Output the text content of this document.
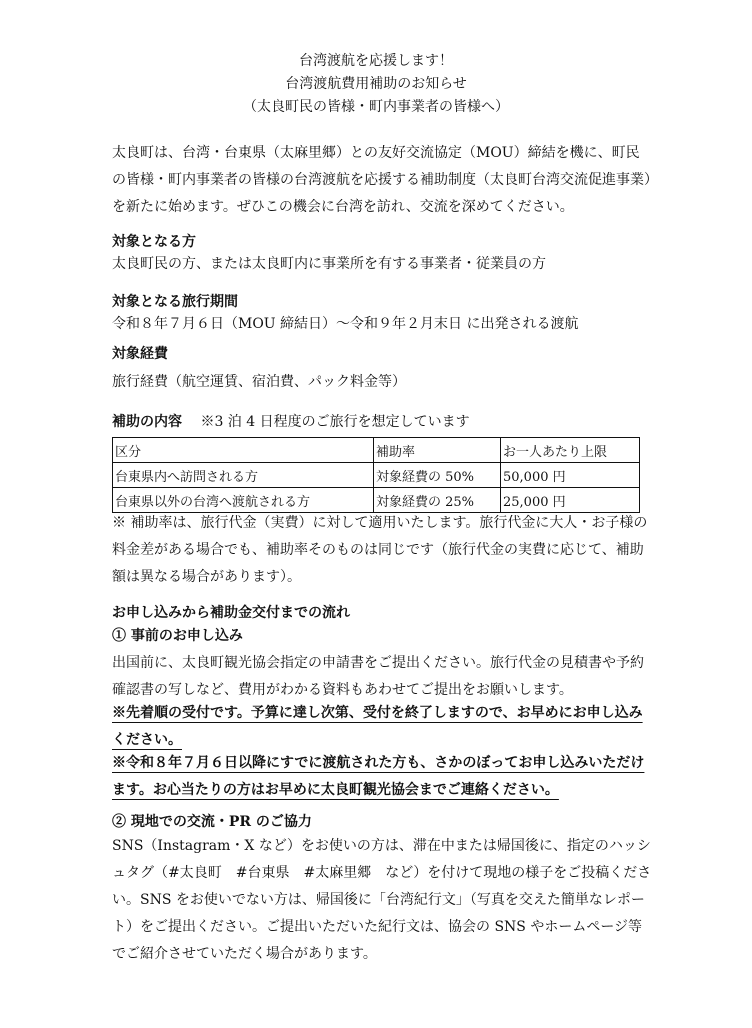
台湾渡航を応援します！
台湾渡航費用補助のお知らせ
（太良町民の皆様・町内事業者の皆様へ）

太良町は、台湾・台東県（太麻里郷）との友好交流協定（MOU）締結を機に、町民の皆様・町内事業者の皆様の台湾渡航を応援する補助制度（太良町台湾交流促進事業）を新たに始めます。ぜひこの機会に台湾を訪れ、交流を深めてください。

対象となる方
太良町民の方、または太良町内に事業所を有する事業者・従業員の方
対象となる旅行期間
令和８年７月６日（MOU 締結日）～令和９年２月末日 に出発される渡航
対象経費
旅行経費（航空運賃、宿泊費、パック料金等）
補助の内容 ※3 泊 4 日程度のご旅行を想定しています
区分	補助率	お一人あたり上限
台東県内へ訪問される方	対象経費の 50%	50,000 円
台東県以外の台湾へ渡航される方	対象経費の 25%	25,000 円

※ 補助率は、旅行代金（実費）に対して適用いたします。旅行代金に大人・お子様の料金差がある場合でも、補助率そのものは同じです（旅行代金の実費に応じて、補助額は異なる場合があります）。

お申し込みから補助金交付までの流れ
① 事前のお申し込み

出国前に、太良町観光協会指定の申請書をご提出ください。旅行代金の見積書や予約確認書の写しなど、費用がわかる資料もあわせてご提出をお願いします。

※先着順の受付です。予算に達し次第、受付を終了しますので、お早めにお申し込みください。

※令和８年７月６日以降にすでに渡航された方も、さかのぼってお申し込みいただけます。お心当たりの方はお早めに太良町観光協会までご連絡ください。

② 現地での交流・PR のご協力

SNS（Instagram・X など）をお使いの方は、滞在中または帰国後に、指定のハッシュタグ（#太良町　#台東県　#太麻里郷　など）を付けて現地の様子をご投稿ください。SNS をお使いでない方は、帰国後に「台湾紀行文」（写真を交えた簡単なレポート）をご提出ください。ご提出いただいた紀行文は、協会の SNS やホームページ等でご紹介させていただく場合があります。
